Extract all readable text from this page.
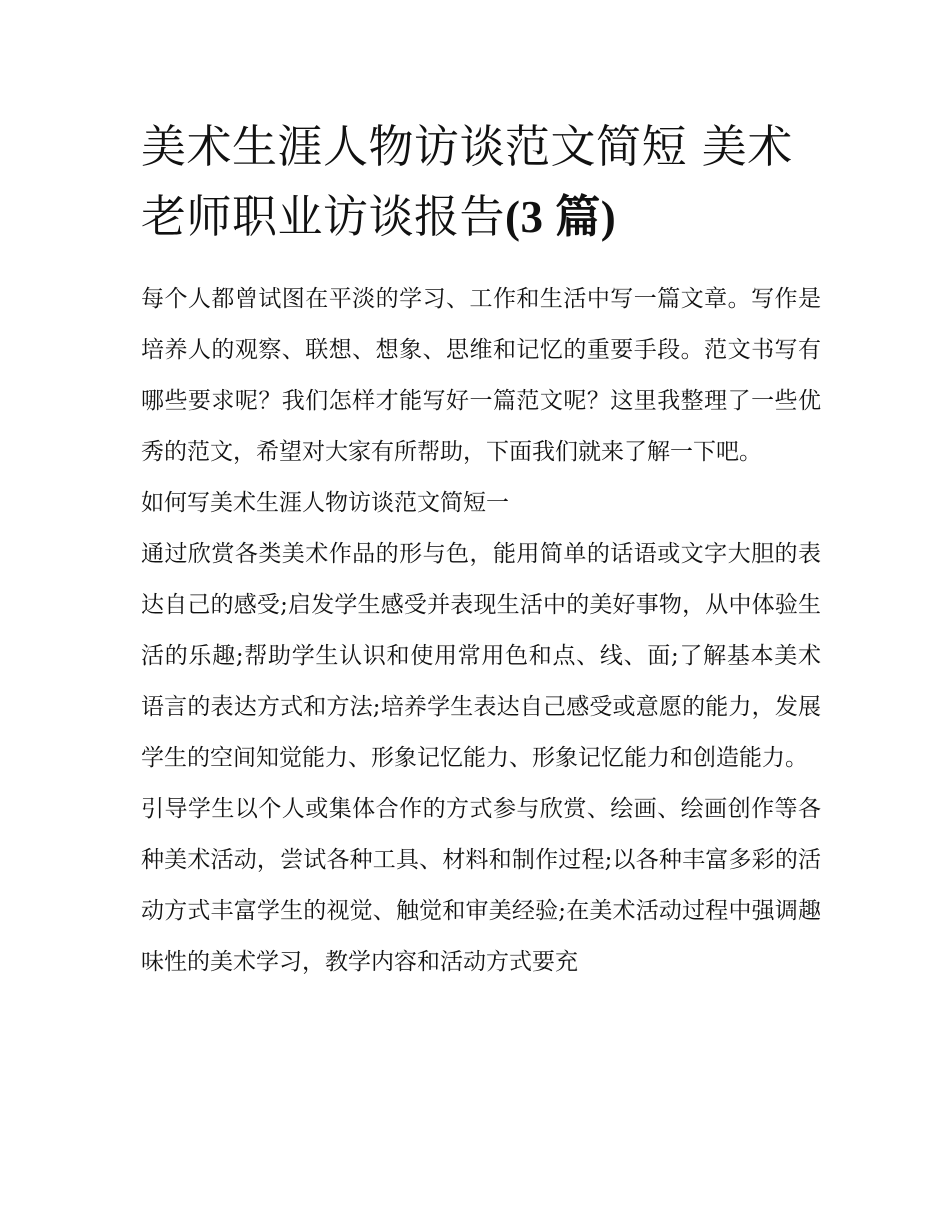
美术生涯人物访谈范文简短 美术老师职业访谈报告(3 篇)

每个人都曾试图在平淡的学习、工作和生活中写一篇文章。写作是培养人的观察、联想、想象、思维和记忆的重要手段。范文书写有哪些要求呢？我们怎样才能写好一篇范文呢？这里我整理了一些优秀的范文，希望对大家有所帮助，下面我们就来了解一下吧。

如何写美术生涯人物访谈范文简短一

通过欣赏各类美术作品的形与色，能用简单的话语或文字大胆的表达自己的感受;启发学生感受并表现生活中的美好事物，从中体验生活的乐趣;帮助学生认识和使用常用色和点、线、面;了解基本美术语言的表达方式和方法;培养学生表达自己感受或意愿的能力，发展学生的空间知觉能力、形象记忆能力、形象记忆能力和创造能力。

引导学生以个人或集体合作的方式参与欣赏、绘画、绘画创作等各种美术活动，尝试各种工具、材料和制作过程;以各种丰富多彩的活动方式丰富学生的视觉、触觉和审美经验;在美术活动过程中强调趣味性的美术学习，教学内容和活动方式要充
